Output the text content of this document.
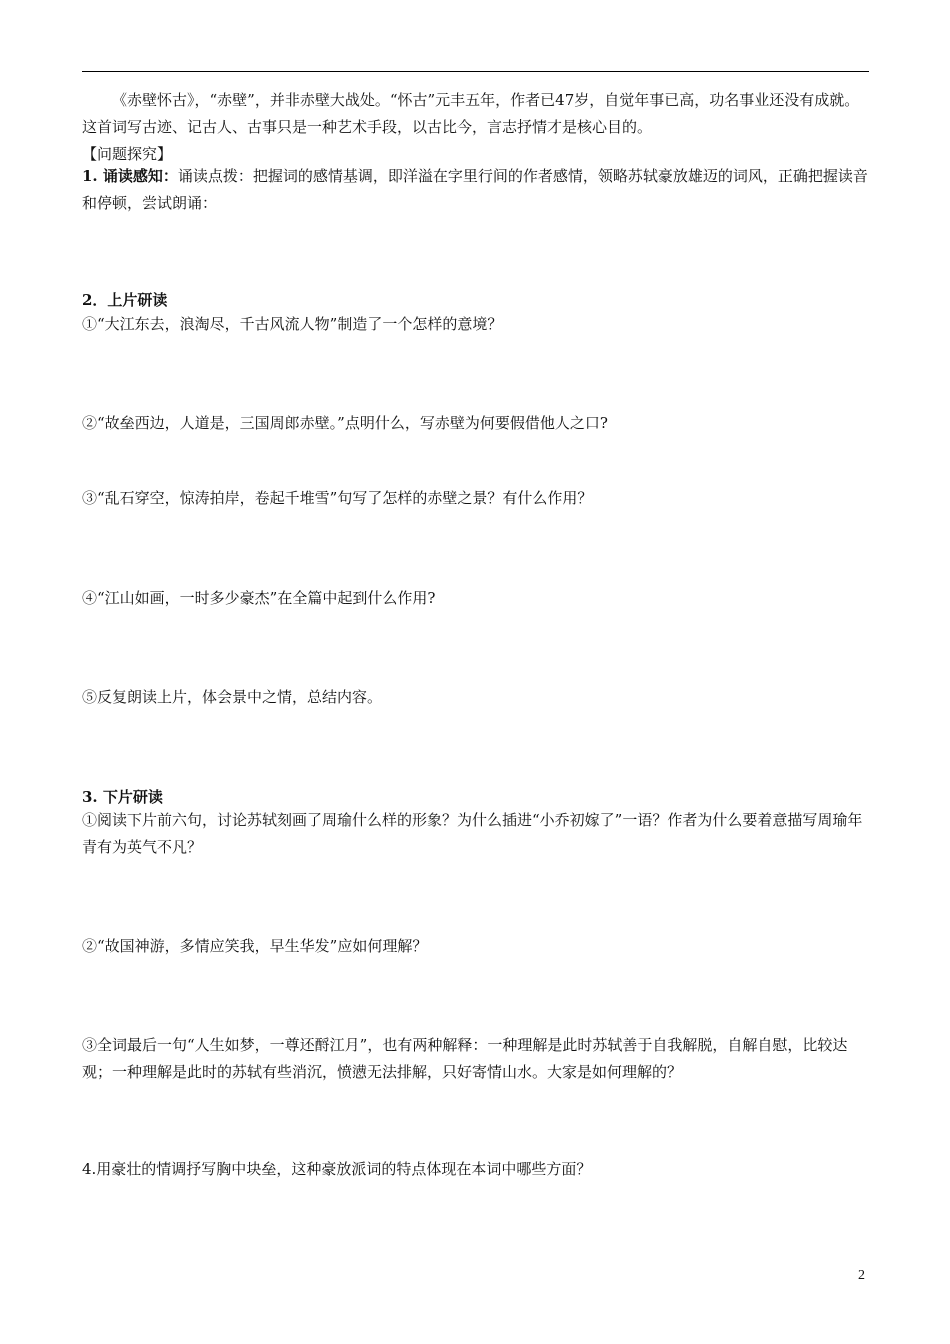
《赤壁怀古》，“赤壁”，并非赤壁大战处。“怀古”元丰五年，作者已47岁，自觉年事已高，功名事业还没有成就。这首词写古迹、记古人、古事只是一种艺术手段，以古比今，言志抒情才是核心目的。

【问题探究】

1. 诵读感知：诵读点拨：把握词的感情基调，即洋溢在字里行间的作者感情，领略苏轼豪放雄迈的词风，正确把握读音和停顿，尝试朗诵：

2．上片研读

①“大江东去，浪淘尽，千古风流人物”制造了一个怎样的意境？

②“故垒西边，人道是，三国周郎赤壁。”点明什么，写赤壁为何要假借他人之口?

③“乱石穿空，惊涛拍岸，卷起千堆雪”句写了怎样的赤壁之景？有什么作用？

④“江山如画，一时多少豪杰”在全篇中起到什么作用?

⑤反复朗读上片，体会景中之情，总结内容。

3. 下片研读

①阅读下片前六句，讨论苏轼刻画了周瑜什么样的形象？为什么插进“小乔初嫁了”一语？作者为什么要着意描写周瑜年青有为英气不凡？

②“故国神游，多情应笑我，早生华发”应如何理解？

③全词最后一句“人生如梦，一尊还酹江月”，也有两种解释：一种理解是此时苏轼善于自我解脱，自解自慰，比较达观；一种理解是此时的苏轼有些消沉，愤懑无法排解，只好寄情山水。大家是如何理解的？

4.用豪壮的情调抒写胸中块垒，这种豪放派词的特点体现在本词中哪些方面？

2
